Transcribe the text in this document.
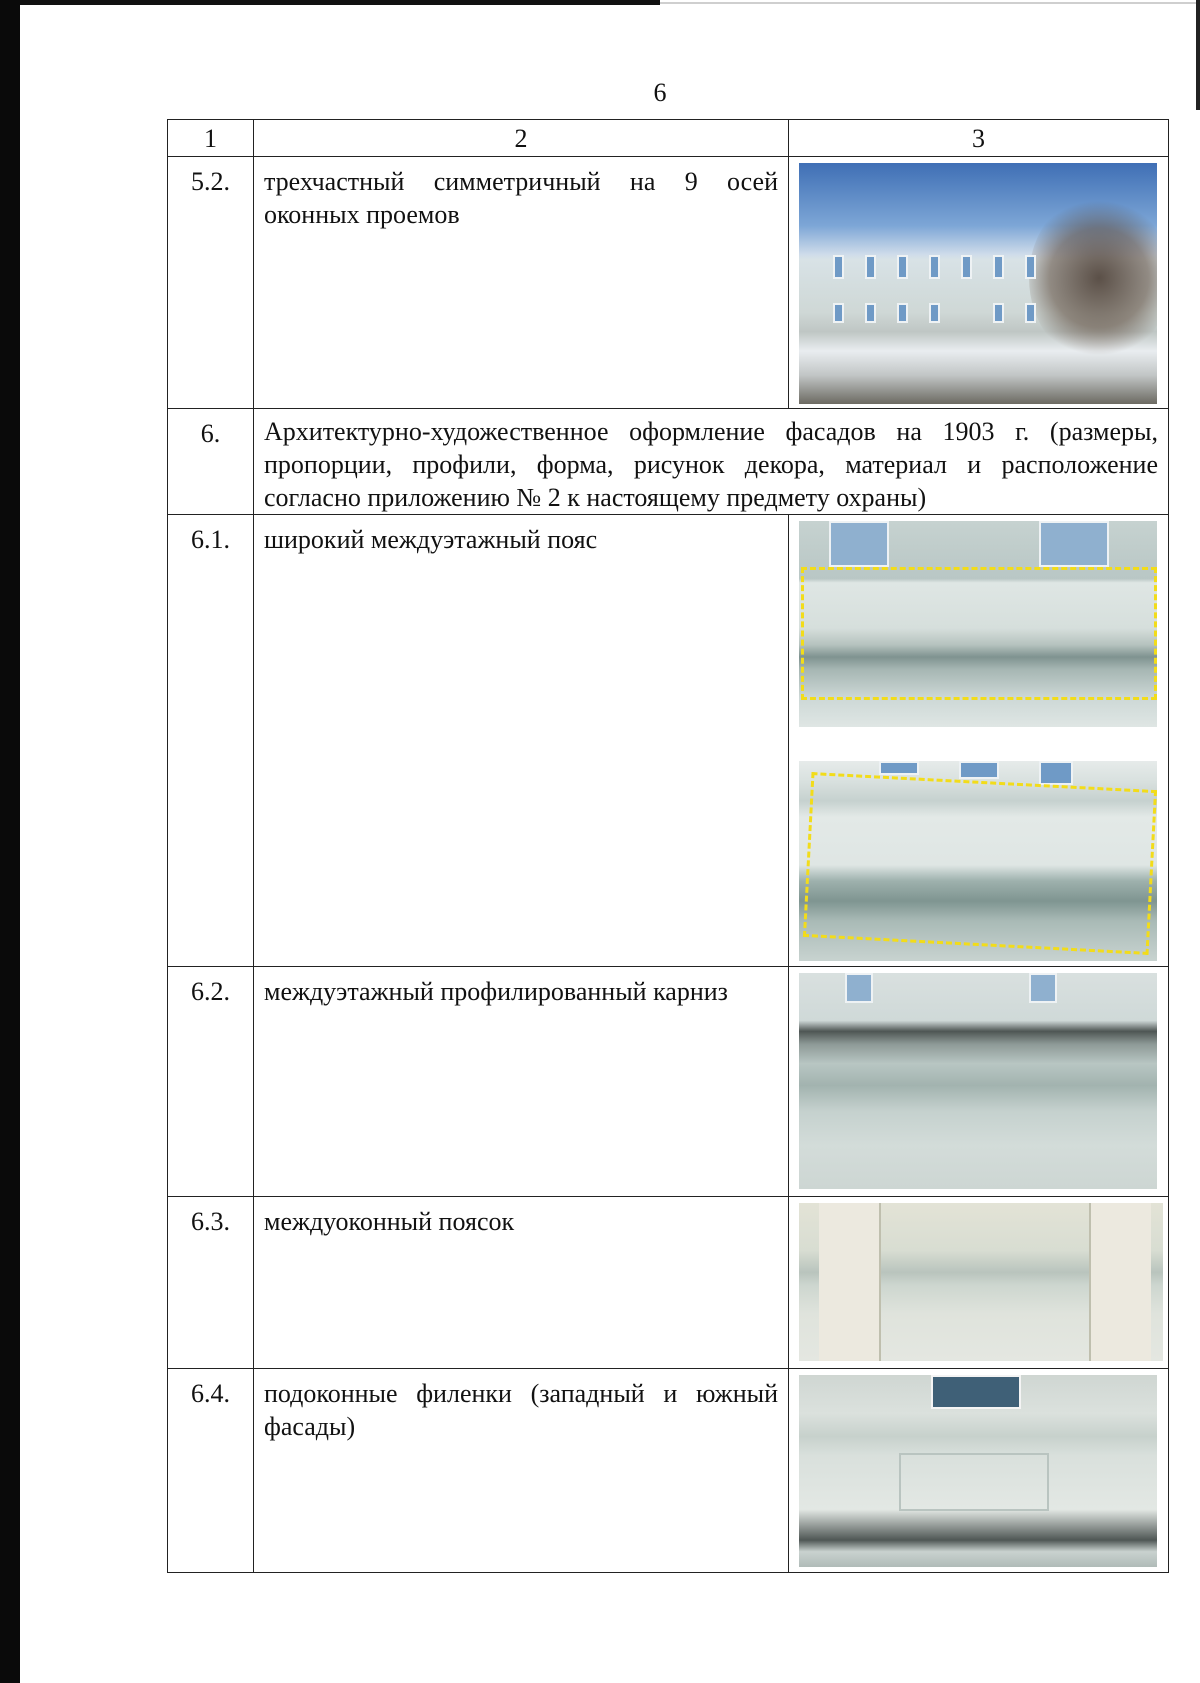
6
1	2	3
5.2.	трехчастный симметричный на 9 осей оконных проемов	

6.	Архитектурно-художественное оформление фасадов на 1903 г. (размеры, пропорции, профили, форма, рисунок декора, материал и расположение согласно приложению № 2 к настоящему предмету охраны)	
6.1.	широкий междуэтажный пояс	

6.2.	междуэтажный профилированный карниз	

6.3.	междуоконный поясок	

6.4.	подоконные филенки (западный и южный фасады)	
